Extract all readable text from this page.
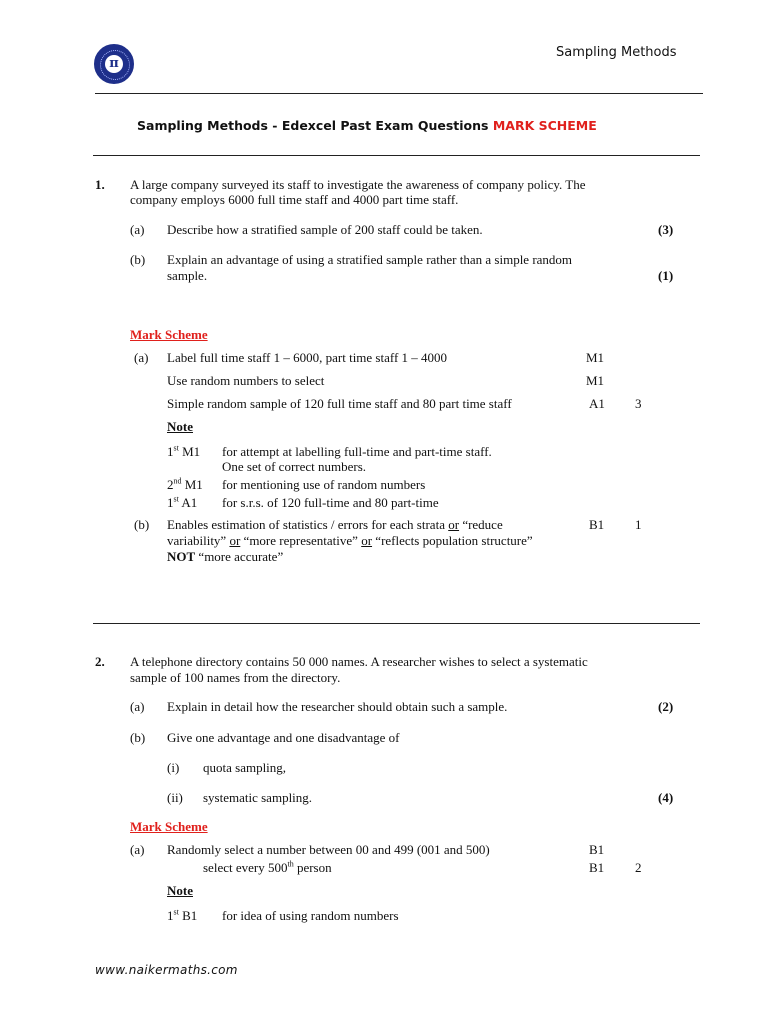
π
Sampling Methods
Sampling Methods - Edexcel Past Exam Questions MARK SCHEME
1. A large company surveyed its staff to investigate the awareness of company policy. The
company employs 6000 full time staff and 4000 part time staff.
(a) Describe how a stratified sample of 200 staff could be taken.	(3)
(b) Explain an advantage of using a stratified sample rather than a simple random
sample.	(1)
Mark Scheme
(a) Label full time staff 1 – 6000, part time staff 1 – 4000	M1
Use random numbers to select	M1
Simple random sample of 120 full time staff and 80 part time staff	A1 3
Note
1st M1 for attempt at labelling full-time and part-time staff.
One set of correct numbers.
2nd M1 for mentioning use of random numbers
1st A1 for s.r.s. of 120 full-time and 80 part-time
(b) Enables estimation of statistics / errors for each strata or “reduce	B1 1
variability” or “more representative” or “reflects population structure”
NOT “more accurate”
2. A telephone directory contains 50 000 names. A researcher wishes to select a systematic
sample of 100 names from the directory.
(a) Explain in detail how the researcher should obtain such a sample.	(2)
(b) Give one advantage and one disadvantage of
(i) quota sampling,
(ii) systematic sampling.	(4)
Mark Scheme
(a) Randomly select a number between 00 and 499 (001 and 500)	B1
select every 500th person	B1 2
Note
1st B1 for idea of using random numbers
www.naikermaths.com
